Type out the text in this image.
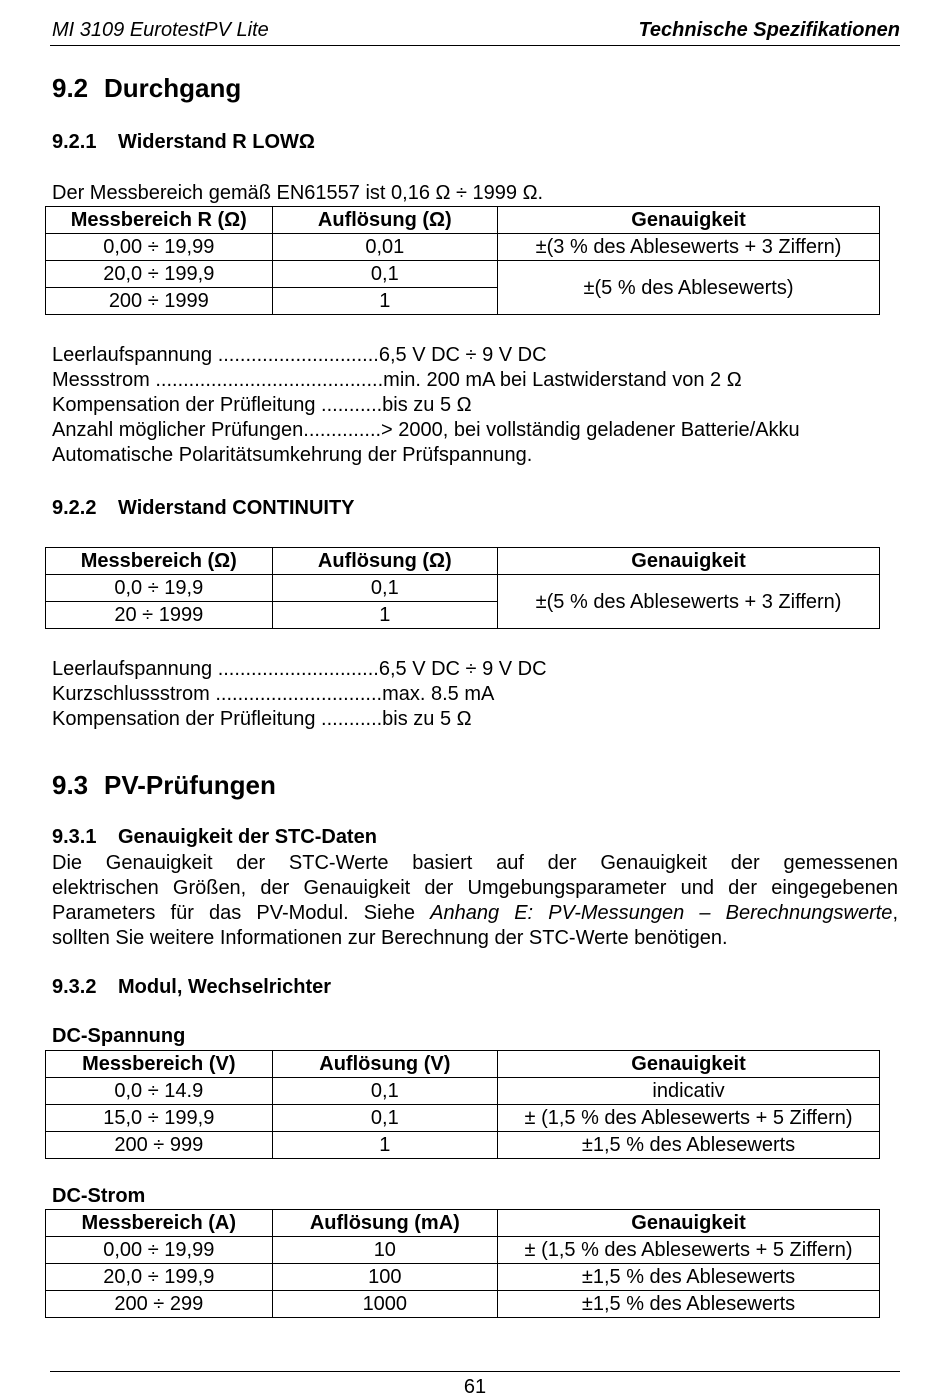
MI 3109 EurotestPV Lite	Technische Spezifikationen
9.2 Durchgang
9.2.1 Widerstand R LOWΩ
Der Messbereich gemäß EN61557 ist 0,16 Ω ÷ 1999 Ω.
Messbereich R (Ω)	Auflösung (Ω)	Genauigkeit
0,00 ÷ 19,99	0,01	±(3 % des Ablesewerts + 3 Ziffern)
20,0 ÷ 199,9	0,1	±(5 % des Ablesewerts)
200 ÷ 1999	1	
Leerlaufspannung .............................6,5 V DC ÷ 9 V DC
Messstrom .........................................min. 200 mA bei Lastwiderstand von 2 Ω
Kompensation der Prüfleitung ...........bis zu 5 Ω
Anzahl möglicher Prüfungen..............> 2000, bei vollständig geladener Batterie/Akku
Automatische Polaritätsumkehrung der Prüfspannung.
9.2.2 Widerstand CONTINUITY
Messbereich (Ω)	Auflösung (Ω)	Genauigkeit
0,0 ÷ 19,9	0,1	±(5 % des Ablesewerts + 3 Ziffern)
20 ÷ 1999	1	
Leerlaufspannung .............................6,5 V DC ÷ 9 V DC
Kurzschlussstrom ..............................max. 8.5 mA
Kompensation der Prüfleitung ...........bis zu 5 Ω
9.3 PV-Prüfungen
9.3.1 Genauigkeit der STC-Daten
Die Genauigkeit der STC-Werte basiert auf der Genauigkeit der gemessenen
elektrischen Größen, der Genauigkeit der Umgebungsparameter und der eingegebenen
Parameters für das PV-Modul. Siehe Anhang E: PV-Messungen – Berechnungswerte,
sollten Sie weitere Informationen zur Berechnung der STC-Werte benötigen.
9.3.2 Modul, Wechselrichter
DC-Spannung
Messbereich (V)	Auflösung (V)	Genauigkeit
0,0 ÷ 14.9	0,1	indicativ
15,0 ÷ 199,9	0,1	± (1,5 % des Ablesewerts + 5 Ziffern)
200 ÷ 999	1	±1,5 % des Ablesewerts
DC-Strom
Messbereich (A)	Auflösung (mA)	Genauigkeit
0,00 ÷ 19,99	10	± (1,5 % des Ablesewerts + 5 Ziffern)
20,0 ÷ 199,9	100	±1,5 % des Ablesewerts
200 ÷ 299	1000	±1,5 % des Ablesewerts
61
